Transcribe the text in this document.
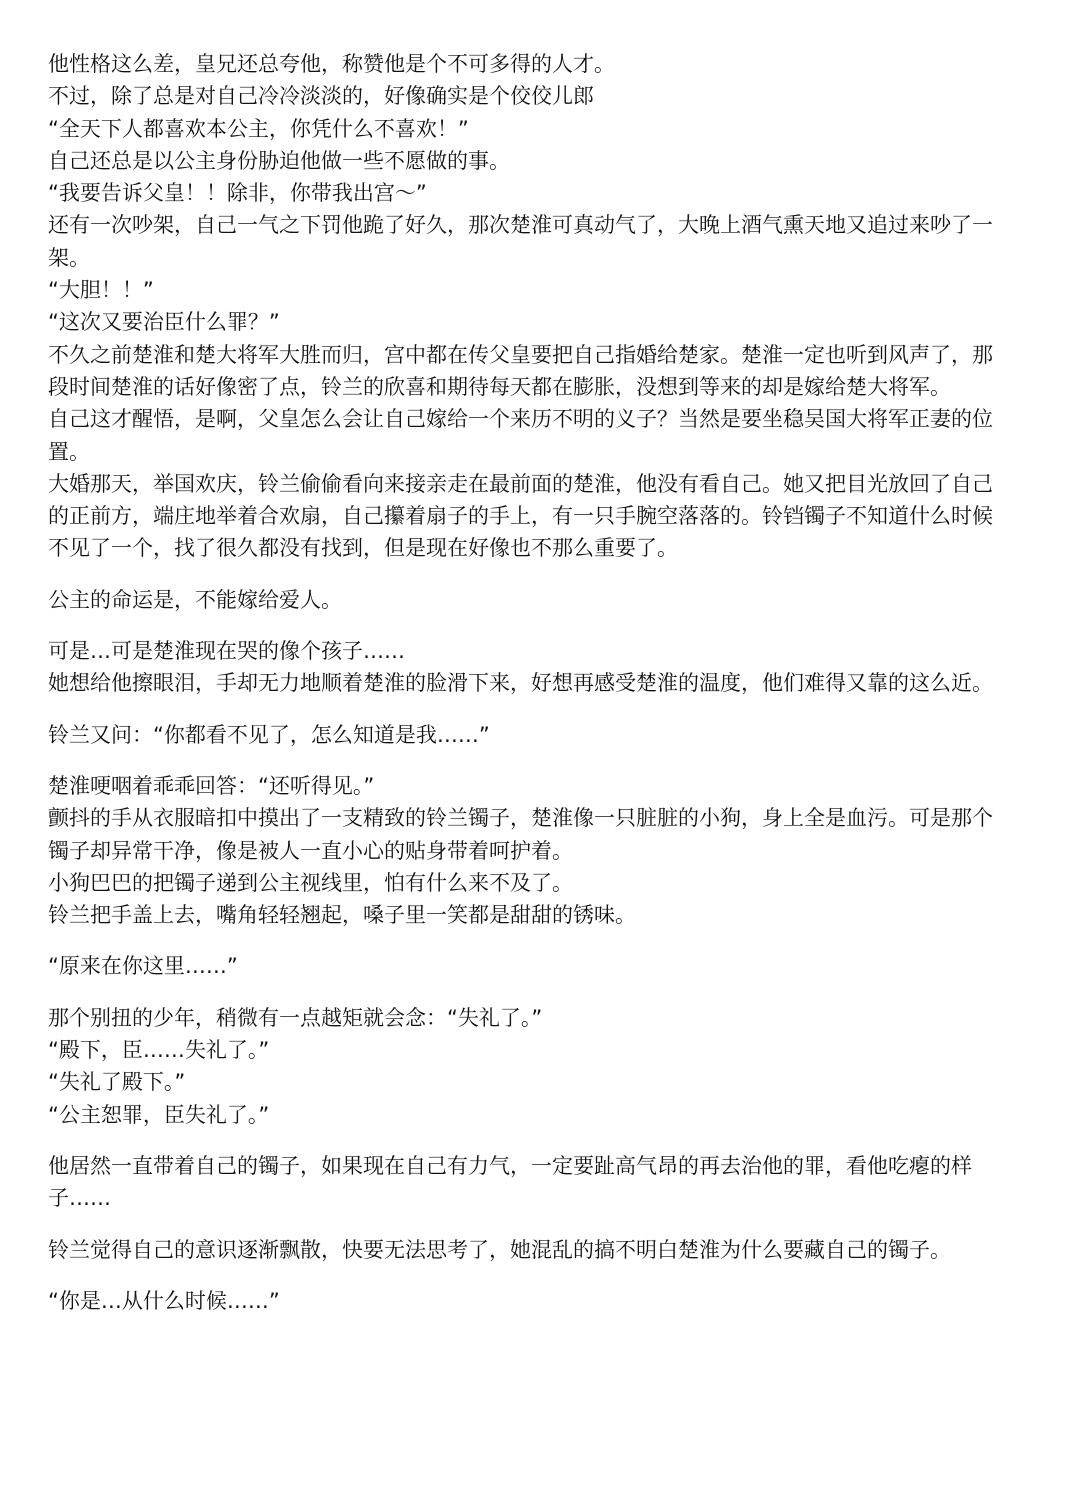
他性格这么差，皇兄还总夸他，称赞他是个不可多得的人才。

不过，除了总是对自己冷冷淡淡的，好像确实是个佼佼儿郎

“全天下人都喜欢本公主，你凭什么不喜欢！”

自己还总是以公主身份胁迫他做一些不愿做的事。

“我要告诉父皇！！除非，你带我出宫～”

还有一次吵架，自己一气之下罚他跪了好久，那次楚淮可真动气了，大晚上酒气熏天地又追过来吵了一架。

“大胆！！”

“这次又要治臣什么罪？”

不久之前楚淮和楚大将军大胜而归，宫中都在传父皇要把自己指婚给楚家。楚淮一定也听到风声了，那段时间楚淮的话好像密了点，铃兰的欣喜和期待每天都在膨胀，没想到等来的却是嫁给楚大将军。

自己这才醒悟，是啊，父皇怎么会让自己嫁给一个来历不明的义子？当然是要坐稳吴国大将军正妻的位置。

大婚那天，举国欢庆，铃兰偷偷看向来接亲走在最前面的楚淮，他没有看自己。她又把目光放回了自己的正前方，端庄地举着合欢扇，自己攥着扇子的手上，有一只手腕空落落的。铃铛镯子不知道什么时候不见了一个，找了很久都没有找到，但是现在好像也不那么重要了。

公主的命运是，不能嫁给爱人。

可是…可是楚淮现在哭的像个孩子……

她想给他擦眼泪，手却无力地顺着楚淮的脸滑下来，好想再感受楚淮的温度，他们难得又靠的这么近。

铃兰又问：“你都看不见了，怎么知道是我……”

楚淮哽咽着乖乖回答：“还听得见。”

颤抖的手从衣服暗扣中摸出了一支精致的铃兰镯子，楚淮像一只脏脏的小狗，身上全是血污。可是那个镯子却异常干净，像是被人一直小心的贴身带着呵护着。

小狗巴巴的把镯子递到公主视线里，怕有什么来不及了。

铃兰把手盖上去，嘴角轻轻翘起，嗓子里一笑都是甜甜的锈味。

“原来在你这里……”

那个别扭的少年，稍微有一点越矩就会念：“失礼了。”

“殿下，臣……失礼了。”

“失礼了殿下。”

“公主恕罪，臣失礼了。”

他居然一直带着自己的镯子，如果现在自己有力气，一定要趾高气昂的再去治他的罪，看他吃瘪的样子……

铃兰觉得自己的意识逐渐飘散，快要无法思考了，她混乱的搞不明白楚淮为什么要藏自己的镯子。

“你是…从什么时候……”
